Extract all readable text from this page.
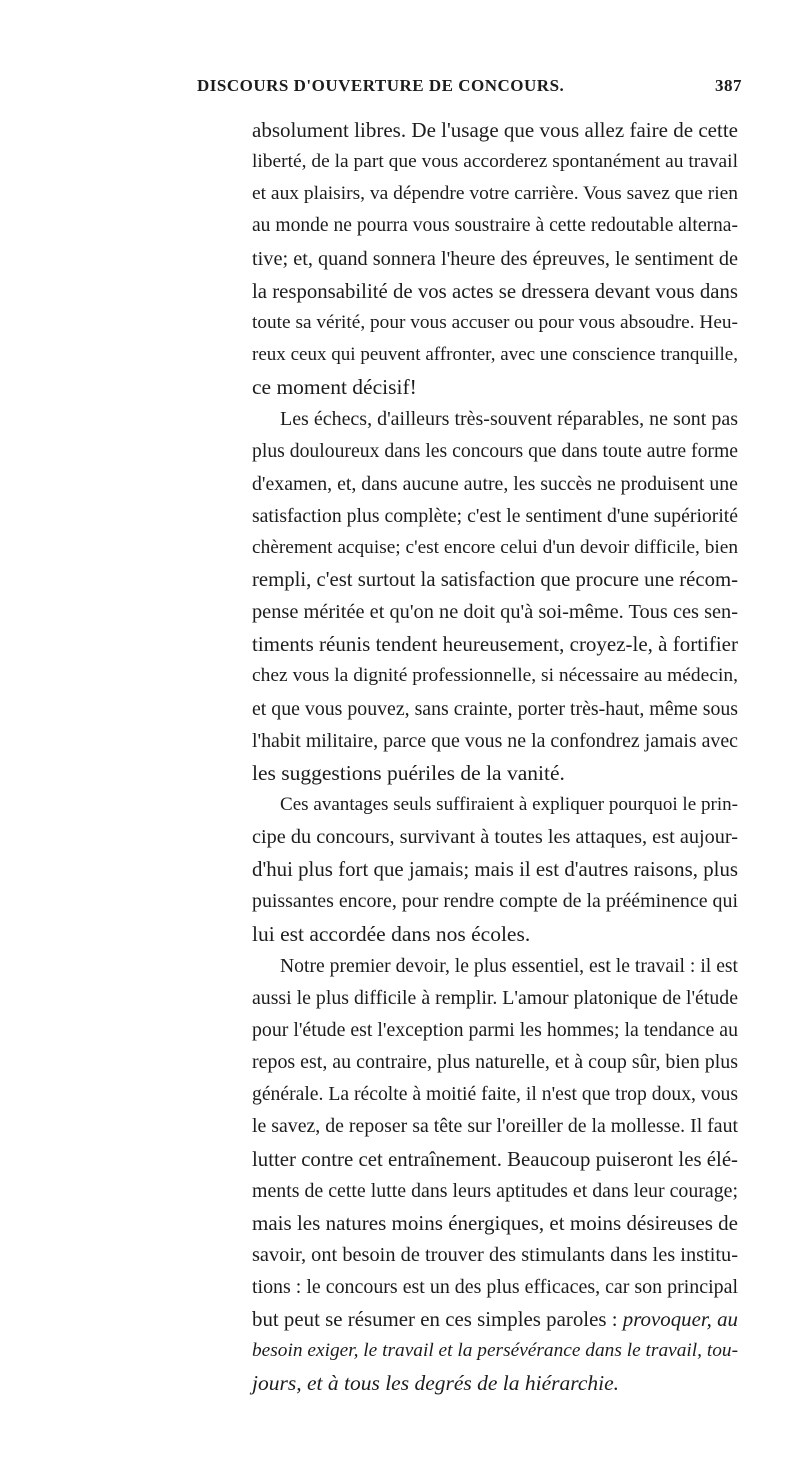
DISCOURS D'OUVERTURE DE CONCOURS.	387
absolument libres. De l'usage que vous allez faire de cette
liberté, de la part que vous accorderez spontanément au travail
et aux plaisirs, va dépendre votre carrière. Vous savez que rien
au monde ne pourra vous soustraire à cette redoutable alterna-
tive; et, quand sonnera l'heure des épreuves, le sentiment de
la responsabilité de vos actes se dressera devant vous dans
toute sa vérité, pour vous accuser ou pour vous absoudre. Heu-
reux ceux qui peuvent affronter, avec une conscience tranquille,
ce moment décisif!
Les échecs, d'ailleurs très-souvent réparables, ne sont pas
plus douloureux dans les concours que dans toute autre forme
d'examen, et, dans aucune autre, les succès ne produisent une
satisfaction plus complète; c'est le sentiment d'une supériorité
chèrement acquise; c'est encore celui d'un devoir difficile, bien
rempli, c'est surtout la satisfaction que procure une récom-
pense méritée et qu'on ne doit qu'à soi-même. Tous ces sen-
timents réunis tendent heureusement, croyez-le, à fortifier
chez vous la dignité professionnelle, si nécessaire au médecin,
et que vous pouvez, sans crainte, porter très-haut, même sous
l'habit militaire, parce que vous ne la confondrez jamais avec
les suggestions puériles de la vanité.
Ces avantages seuls suffiraient à expliquer pourquoi le prin-
cipe du concours, survivant à toutes les attaques, est aujour-
d'hui plus fort que jamais; mais il est d'autres raisons, plus
puissantes encore, pour rendre compte de la prééminence qui
lui est accordée dans nos écoles.
Notre premier devoir, le plus essentiel, est le travail : il est
aussi le plus difficile à remplir. L'amour platonique de l'étude
pour l'étude est l'exception parmi les hommes; la tendance au
repos est, au contraire, plus naturelle, et à coup sûr, bien plus
générale. La récolte à moitié faite, il n'est que trop doux, vous
le savez, de reposer sa tête sur l'oreiller de la mollesse. Il faut
lutter contre cet entraînement. Beaucoup puiseront les élé-
ments de cette lutte dans leurs aptitudes et dans leur courage;
mais les natures moins énergiques, et moins désireuses de
savoir, ont besoin de trouver des stimulants dans les institu-
tions : le concours est un des plus efficaces, car son principal
but peut se résumer en ces simples paroles : provoquer, au
besoin exiger, le travail et la persévérance dans le travail, tou-
jours, et à tous les degrés de la hiérarchie.
